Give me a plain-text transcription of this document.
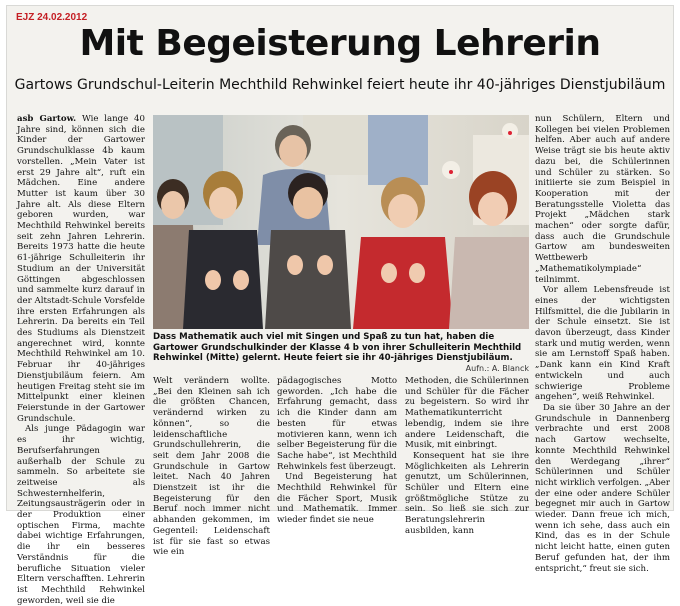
EJZ 24.02.2012
Mit Begeisterung Lehrerin
Gartows Grundschul-Leiterin Mechthild Rehwinkel feiert heute ihr 40-jähriges Dienstjubiläum

asb Gartow. Wie lange 40 Jahre sind, können sich die Kinder der Gartower Grundschulklasse 4b kaum vorstellen. „Mein Vater ist erst 29 Jahre alt“, ruft ein Mädchen. Eine andere Mutter ist kaum über 30 Jahre alt. Als diese Eltern geboren wurden, war Mechthild Rehwinkel bereits seit zehn Jahren Lehrerin. Bereits 1973 hatte die heute 61-jährige Schulleiterin ihr Studium an der Universität Göttingen abgeschlossen und sammelte kurz darauf in der Altstadt-Schule Vorsfelde ihre ersten Erfahrungen als Lehrerin. Da bereits ein Teil des Studiums als Dienstzeit angerechnet wird, konnte Mechthild Rehwinkel am 10. Februar ihr 40-jähriges Dienstjubiläum feiern. Am heutigen Freitag steht sie im Mittelpunkt einer kleinen Feierstunde in der Gartower Grundschule.

Als junge Pädagogin war es ihr wichtig, Berufserfahrungen außerhalb der Schule zu sammeln. So arbeitete sie zeitweise als Schwesternhelferin, Zeitungsausträgerin oder in der Produktion einer optischen Firma, machte dabei wichtige Erfahrungen, die ihr ein besseres Verständnis für die berufliche Situation vieler Eltern verschafften. Lehrerin ist Mechthild Rehwinkel geworden, weil sie die

Dass Mathematik auch viel mit Singen und Spaß zu tun hat, haben die Gartower Grundschulkinder der Klasse 4 b von ihrer Schulleiterin Mechthild Rehwinkel (Mitte) gelernt. Heute feiert sie ihr 40-jähriges Dienstjubiläum.
Aufn.: A. Blanck

Welt verändern wollte. „Bei den Kleinen sah ich die größten Chancen, verändernd wirken zu können“, so die leidenschaftliche Grundschullehrerin, die seit dem Jahr 2008 die Grundschule in Gartow leitet. Nach 40 Jahren Dienstzeit ist ihr die Begeisterung für den Beruf noch immer nicht abhanden gekommen, im Gegenteil: Leidenschaft ist für sie fast so etwas wie ein

pädagogisches Motto geworden. „Ich habe die Erfahrung gemacht, dass ich die Kinder dann am besten für etwas motivieren kann, wenn ich selber Begeisterung für die Sache habe“, ist Mechthild Rehwinkels fest überzeugt.

Und Begeisterung hat Mechthild Rehwinkel für die Fächer Sport, Musik und Mathematik. Immer wieder findet sie neue

Methoden, die Schülerinnen und Schüler für die Fächer zu begeistern. So wird ihr Mathematikunterricht lebendig, indem sie ihre andere Leidenschaft, die Musik, mit einbringt.

Konsequent hat sie ihre Möglichkeiten als Lehrerin genutzt, um Schülerinnen, Schüler und Eltern eine größtmögliche Stütze zu sein. So ließ sie sich zur Beratungslehrerin ausbilden, kann

nun Schülern, Eltern und Kollegen bei vielen Problemen helfen. Aber auch auf andere Weise trägt sie bis heute aktiv dazu bei, die Schülerinnen und Schüler zu stärken. So initiierte sie zum Beispiel in Kooperation mit der Beratungsstelle Violetta das Projekt „Mädchen stark machen“ oder sorgte dafür, dass auch die Grundschule Gartow am bundesweiten Wettbewerb „Mathematikolympiade“ teilnimmt.

Vor allem Lebensfreude ist eines der wichtigsten Hilfsmittel, die die Jubilarin in der Schule einsetzt. Sie ist davon überzeugt, dass Kinder stark und mutig werden, wenn sie am Lernstoff Spaß haben. „Dank kann ein Kind Kraft entwickeln und auch schwierige Probleme angehen“, weiß Rehwinkel.

Da sie über 30 Jahre an der Grundschule in Dannenberg verbrachte und erst 2008 nach Gartow wechselte, konnte Mechthild Rehwinkel den Werdegang „ihrer“ Schülerinnen und Schüler nicht wirklich verfolgen. „Aber der eine oder andere Schüler begegnet mir auch in Gartow wieder. Dann freue ich mich, wenn ich sehe, dass auch ein Kind, das es in der Schule nicht leicht hatte, einen guten Beruf gefunden hat, der ihm entspricht,“ freut sie sich.
